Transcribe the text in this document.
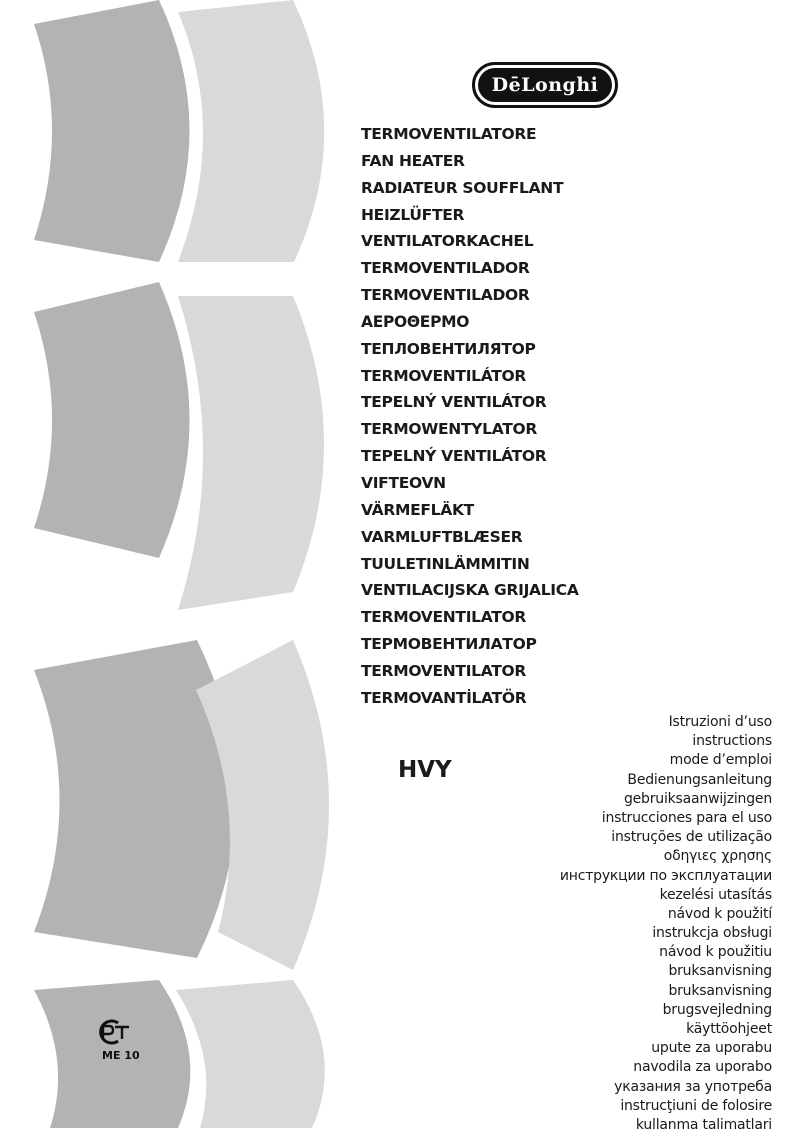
DēLonghi
TERMOVENTILATORE
FAN HEATER
RADIATEUR SOUFFLANT
HEIZLÜFTER
VENTILATORKACHEL
TERMOVENTILADOR
TERMOVENTILADOR
ΑΕΡΟΘΕΡΜΟ
ТЕПЛОВЕНТИЛЯТОР
TERMOVENTILÁTOR
TEPELNÝ VENTILÁTOR
TERMOWENTYLATOR
TEPELNÝ VENTILÁTOR
VIFTEOVN
VÄRMEFLÄKT
VARMLUFTBLÆSER
TUULETINLÄMMITIN
VENTILACIJSKA GRIJALICA
TERMOVENTILATOR
ТЕРМОВЕНТИЛАТОР
TERMOVENTILATOR
TERMOVANTİLATÖR
HVY
Istruzioni d’uso
instructions
mode d’emploi
Bedienungsanleitung
gebruiksaanwijzingen
instrucciones para el uso
instruções de utilização
οδηγιες χρησης
инструкции по эксплуатации
kezelési utasítás
návod k použití
instrukcja obsługi
návod k použitiu
bruksanvisning
bruksanvisning
brugsvejledning
käyttöohjeet
upute za uporabu
navodila za uporabo
указания за употреба
instrucţiuni de folosire
kullanma talimatlari
ME 10
